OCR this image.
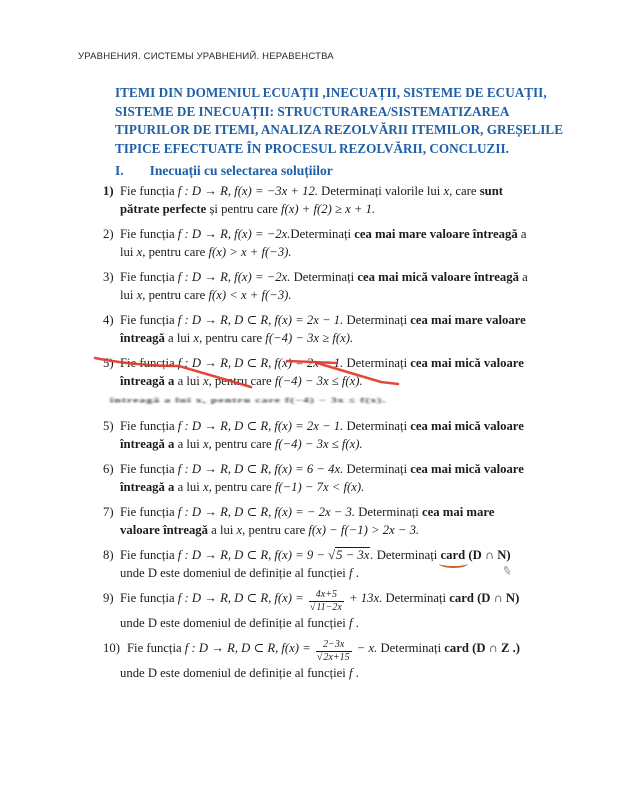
УРАВНЕНИЯ. СИСТЕМЫ УРАВНЕНИЙ. НЕРАВЕНСТВА
ITEMI DIN DOMENIUL ECUAȚII ,INECUAȚII, SISTEME DE ECUAȚII,
SISTEME DE INECUAȚII: STRUCTURAREA/SISTEMATIZAREA
TIPURILOR DE ITEMI, ANALIZA REZOLVĂRII ITEMILOR, GREȘELILE
TIPICE EFECTUATE ÎN PROCESUL REZOLVĂRII, CONCLUZII.
I. Inecuații cu selectarea soluțiilor
1) Fie funcția f : D → R, f(x) = −3x + 12. Determinați valorile lui x, care sunt
pătrate perfecte și pentru care f(x) + f(2) ≥ x + 1.
2) Fie funcția f : D → R, f(x) = −2x.Determinați cea mai mare valoare întreagă a
lui x, pentru care f(x) > x + f(−3).
3) Fie funcția f : D → R, f(x) = −2x. Determinați cea mai mică valoare întreagă a
lui x, pentru care f(x) < x + f(−3).
4) Fie funcția f : D → R, D ⊂ R, f(x) = 2x − 1. Determinați cea mai mare valoare
întreagă a lui x, pentru care f(−4) − 3x ≥ f(x).
5) Fie funcția f : D → R, D ⊂ R, f(x) = 2x − 1. Determinați cea mai mică valoare
întreagă a a lui x, pentru care f(−4) − 3x ≤ f(x).
întreagă a lui x, pentru care f(−4) − 3x ≤ f(x).
5) Fie funcția f : D → R, D ⊂ R, f(x) = 2x − 1. Determinați cea mai mică valoare
întreagă a a lui x, pentru care f(−4) − 3x ≤ f(x).
6) Fie funcția f : D → R, D ⊂ R, f(x) = 6 − 4x. Determinați cea mai mică valoare
întreagă a a lui x, pentru care f(−1) − 7x < f(x).
7) Fie funcția f : D → R, D ⊂ R, f(x) = − 2x − 3. Determinați cea mai mare
valoare întreagă a lui x, pentru care f(x) − f(−1) > 2x − 3.
8) Fie funcția f : D → R, D ⊂ R, f(x) = 9 − √5 − 3x. Determinați card (D ∩ N)
unde D este domeniul de definiție al funcției f .	✎
9) Fie funcția f : D → R, D ⊂ R, $f(x) = \frac{4x+5}{√11-2x} + 13x$. Determinați card (D ∩ N)
unde D este domeniul de definiție al funcției f .
10) Fie funcția f : D → R, D ⊂ R, $f(x) = \frac{2-3x}{√2x+15} - x$. Determinați card (D ∩ Z .)
unde D este domeniul de definiție al funcției f .
